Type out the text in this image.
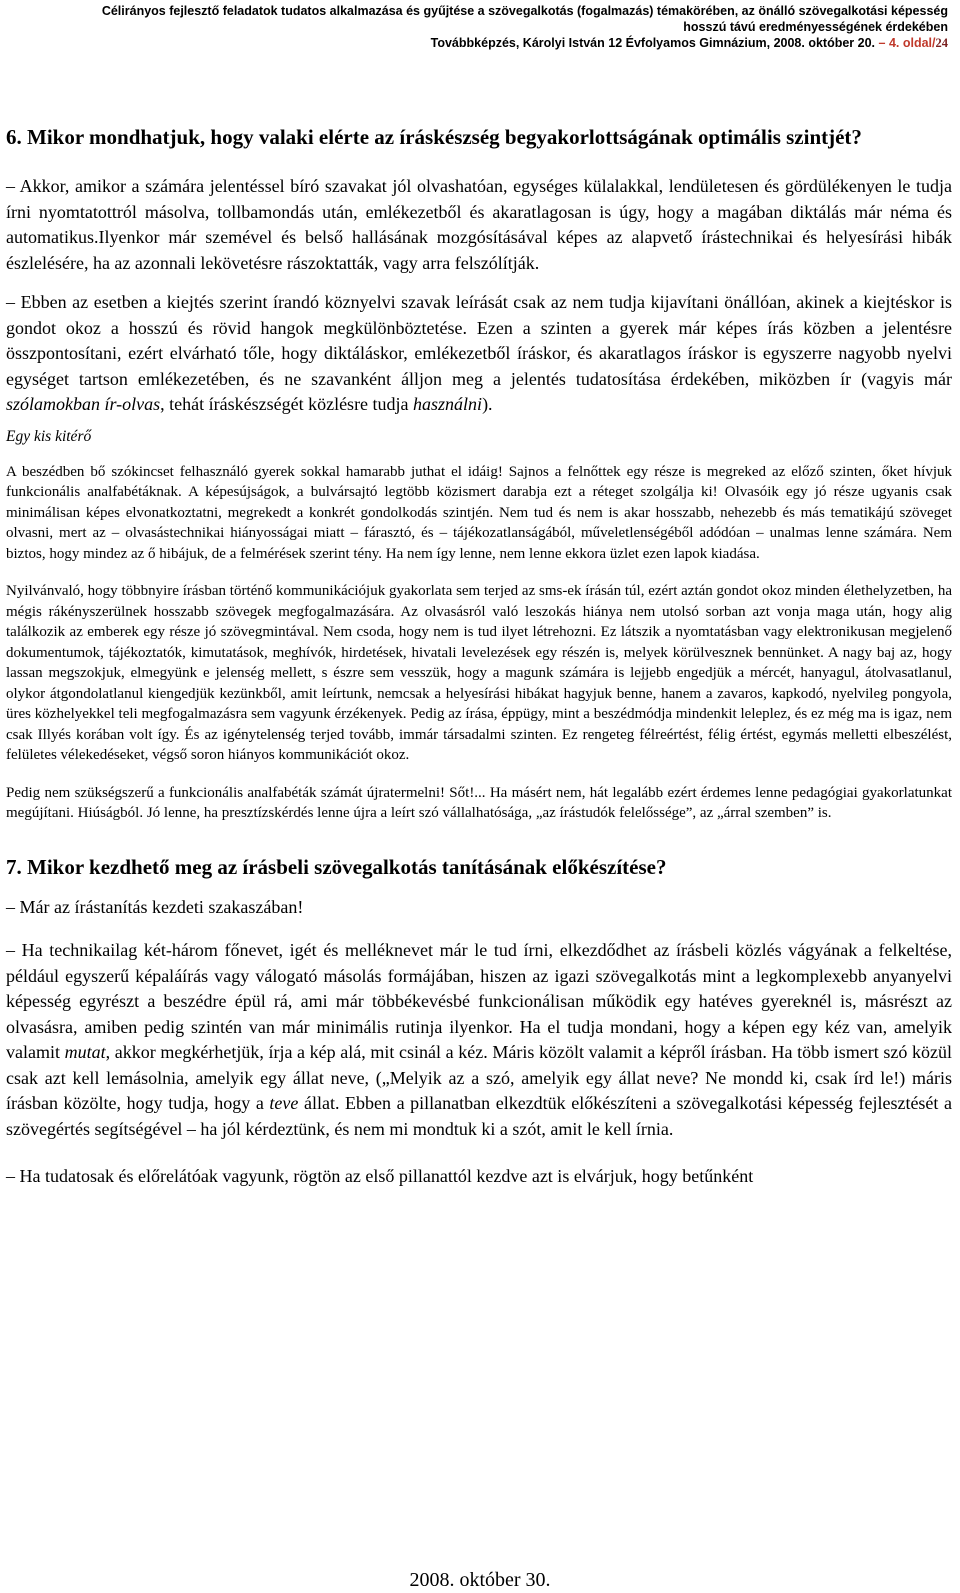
Célirányos fejlesztő feladatok tudatos alkalmazása és gyűjtése a szövegalkotás (fogalmazás) témakörében, az önálló szövegalkotási képesség
hosszú távú eredményességének érdekében
Továbbképzés, Károlyi István 12 Évfolyamos Gimnázium, 2008. október 20. – 4. oldal/24

6. Mikor mondhatjuk, hogy valaki elérte az íráskészség begyakorlottságának optimális szintjét?

– Akkor, amikor a számára jelentéssel bíró szavakat jól olvashatóan, egységes külalakkal, lendületesen és gördülékenyen le tudja írni nyomtatottról másolva, tollbamondás után, emlékezetből és akaratlagosan is úgy, hogy a magában diktálás már néma és automatikus.Ilyenkor már szemével és belső hallásának mozgósításával képes az alapvető írástechnikai és helyesírási hibák észlelésére, ha az azonnali lekövetésre rászoktatták, vagy arra felszólítják.

– Ebben az esetben a kiejtés szerint írandó köznyelvi szavak leírását csak az nem tudja kijavítani önállóan, akinek a kiejtéskor is gondot okoz a hosszú és rövid hangok megkülönböztetése. Ezen a szinten a gyerek már képes írás közben a jelentésre összpontosítani, ezért elvárható tőle, hogy diktáláskor, emlékezetből íráskor, és akaratlagos íráskor is egyszerre nagyobb nyelvi egységet tartson emlékezetében, és ne szavanként álljon meg a jelentés tudatosítása érdekében, miközben ír (vagyis már szólamokban ír-olvas, tehát íráskészségét közlésre tudja használni).

Egy kis kitérő

A beszédben bő szókincset felhasználó gyerek sokkal hamarabb juthat el idáig! Sajnos a felnőttek egy része is megreked az előző szinten, őket hívjuk funkcionális analfabétáknak. A képesújságok, a bulvársajtó legtöbb közismert darabja ezt a réteget szolgálja ki! Olvasóik egy jó része ugyanis csak minimálisan képes elvonatkoztatni, megrekedt a konkrét gondolkodás szintjén. Nem tud és nem is akar hosszabb, nehezebb és más tematikájú szöveget olvasni, mert az – olvasástechnikai hiányosságai miatt – fárasztó, és – tájékozatlanságából, műveletlenségéből adódóan – unalmas lenne számára. Nem biztos, hogy mindez az ő hibájuk, de a felmérések szerint tény. Ha nem így lenne, nem lenne ekkora üzlet ezen lapok kiadása.

Nyilvánvaló, hogy többnyire írásban történő kommunikációjuk gyakorlata sem terjed az sms-ek írásán túl, ezért aztán gondot okoz minden élethelyzetben, ha mégis rákényszerülnek hosszabb szövegek megfogalmazására. Az olvasásról való leszokás hiánya nem utolsó sorban azt vonja maga után, hogy alig találkozik az emberek egy része jó szövegmintával. Nem csoda, hogy nem is tud ilyet létrehozni. Ez látszik a nyomtatásban vagy elektronikusan megjelenő dokumentumok, tájékoztatók, kimutatások, meghívók, hirdetések, hivatali levelezések egy részén is, melyek körülvesznek bennünket. A nagy baj az, hogy lassan megszokjuk, elmegyünk e jelenség mellett, s észre sem vesszük, hogy a magunk számára is lejjebb engedjük a mércét, hanyagul, átolvasatlanul, olykor átgondolatlanul kiengedjük kezünkből, amit leírtunk, nemcsak a helyesírási hibákat hagyjuk benne, hanem a zavaros, kapkodó, nyelvileg pongyola, üres közhelyekkel teli megfogalmazásra sem vagyunk érzékenyek. Pedig az írása, éppügy, mint a beszédmódja mindenkit leleplez, és ez még ma is igaz, nem csak Illyés korában volt így. És az igénytelenség terjed tovább, immár társadalmi szinten. Ez rengeteg félreértést, félig értést, egymás melletti elbeszélést, felületes vélekedéseket, végső soron hiányos kommunikációt okoz.

Pedig nem szükségszerű a funkcionális analfabéták számát újratermelni! Sőt!... Ha másért nem, hát legalább ezért érdemes lenne pedagógiai gyakorlatunkat megújítani. Hiúságból. Jó lenne, ha presztízskérdés lenne újra a leírt szó vállalhatósága, „az írástudók felelőssége”, az „árral szemben” is.

7. Mikor kezdhető meg az írásbeli szövegalkotás tanításának előkészítése?

– Már az írástanítás kezdeti szakaszában!

– Ha technikailag két-három főnevet, igét és melléknevet már le tud írni, elkezdődhet az írásbeli közlés vágyának a felkeltése, például egyszerű képaláírás vagy válogató másolás formájában, hiszen az igazi szövegalkotás mint a legkomplexebb anyanyelvi képesség egyrészt a beszédre épül rá, ami már többékevésbé funkcionálisan működik egy hatéves gyereknél is, másrészt az olvasásra, amiben pedig szintén van már minimális rutinja ilyenkor. Ha el tudja mondani, hogy a képen egy kéz van, amelyik valamit mutat, akkor megkérhetjük, írja a kép alá, mit csinál a kéz. Máris közölt valamit a képről írásban. Ha több ismert szó közül csak azt kell lemásolnia, amelyik egy állat neve, („Melyik az a szó, amelyik egy állat neve? Ne mondd ki, csak írd le!) máris írásban közölte, hogy tudja, hogy a teve állat. Ebben a pillanatban elkezdtük előkészíteni a szövegalkotási képesség fejlesztését a szövegértés segítségével – ha jól kérdeztünk, és nem mi mondtuk ki a szót, amit le kell írnia.

– Ha tudatosak és előrelátóak vagyunk, rögtön az első pillanattól kezdve azt is elvárjuk, hogy betűnként

2008. október 30.
